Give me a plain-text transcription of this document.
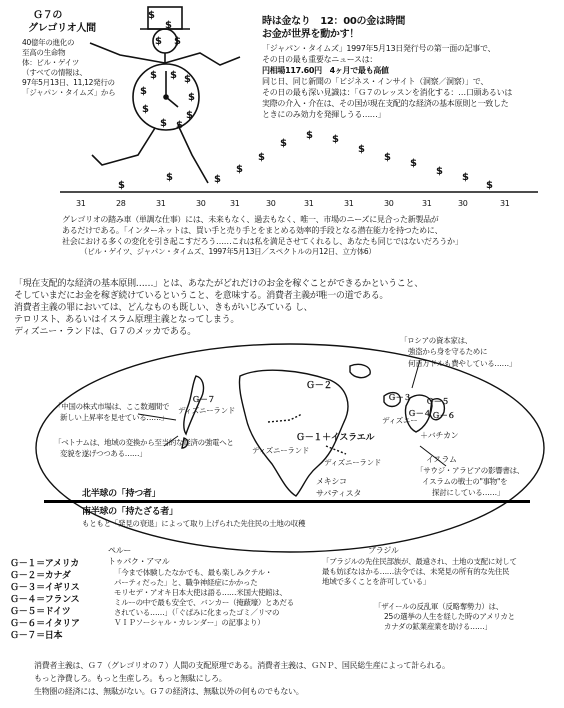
Ｇ７の
グレゴリオ人間
40億年の進化の
至高の生命物
体：ビル・ゲイツ
（すべての情報は、
97年5月13日、11,12発行の
「ジャパン・タイムズ」から
$
$
$ $
$ $ $
$
$
$
$
$ $
時は金なり　12：00の金は時間
お金が世界を動かす！
「ジャパン・タイムズ」1997年5月13日発行号の第一面の記事で、
その日の最も重要なニュースは：
円相場117.60円　4ヶ月で最も高値
同じ日、同じ新聞の「ビジネス・インサイト（洞察／洞察）」で、
その日の最も深い見識は：「Ｇ７のレッスンを消化する：…口頭あるいは
実際の介入・介在は、その国が現在支配的な経済の基本原則と一致した
ときにのみ効力を発揮しうる……」
$
$ $
$
$
$
$
$
$
$
$
$
$
$
31	28	31	30	31	30	31	31	30	31	30	31
グレゴリオの踏み車（単調な仕事）には、未来もなく、過去もなく、唯一、市場のニーズに見合った新製品が
あるだけである。「インターネットは、買い手と売り手とをまとめる効率的手段となる潜在能力を持つために、
社会における多くの変化を引き起こすだろう……これは私を満足させてくれるし、あなたも同じではないだろうか」
（ビル・ゲイツ、ジャパン・タイムズ、1997年5月13日／スペクトルの月12日、立方体6）
「現在支配的な経済の基本原則……」とは、あなたがどれだけのお金を稼ぐことができるかということ、
そしていまだにお金を稼ぎ続けているということ、を意味する。消費者主義が唯一の道である。
消費者主義の罪においては、どんなものも既しい、きもがいじみている し、
テロリスト、あるいはイスラム原理主義となってしまう。
ディズニー・ランドは、Ｇ７のメッカである。
「ロシアの資本家は、
強盗から身を守るために
何百万ドルも費やしている……」
「中国の株式市場は、ここ数週間で
新しい上昇率を見せている……」
「ベトナムは、地域の変換から至当的な経済の強電へと
変貌を遂げつつある……」
イスラム
「サウジ・アラビアの影響書は、
イスラムの戦士の"事物"を
探討にしている……」
Ｇ－２
Ｇ－７
ディズニーランド
Ｇ－１＋イスラエル
ディズニーランド
ディズニーランド
ディズニー
Ｇ－３ Ｇ－５
Ｇ－４ Ｇ－６
＋バチカン
メキシコ
サパティスタ
北半球の「持つ者」
南半球の「持たざる者」
もともと「発見の衰退」によって取り上げられた先住民の土地の収穫
Ｇ－１＝アメリカ
Ｇ－２＝カナダ
Ｇ－３＝イギリス
Ｇ－４＝フランス
Ｇ－５＝ドイツ
Ｇ－６＝イタリア
Ｇ－７＝日本
ペルー
トゥパク・アマル
「今まで体験したなかでも、最も楽しみクテル・
パーティだった」と、職争神経症にかかった
モリセデ・アオキ日本大使は語る……米国大使館は、
ミルーの中で最も安全で、バンカー（掩蔽壕）とあだる
されている……」（「ぐぱみに化まったゴミ／リマの
ＶＩＰソーシャル・カレンダー」の記事より）
ブラジル
「ブラジルの先住民部族が、最遠され、土地の支配に対して
最も妨ぼなはかる……法令では、未発見の所有的な先住民
地域で多くことを許可している」
「ザイールの反乱軍（反略奪勢力）は、
25の選挙の人生を経した時のアメリカと
カナダの鉱業産業を助ける……」
消費者主義は、Ｇ７（グレゴリオの７）人間の支配原理である。消費者主義は、ＧＮＰ、国民総生産によって計られる。
もっと浄費しろ。もっと生産しろ。もっと無駄にしろ。
生物圏の経済には、無駄がない。Ｇ７の経済は、無駄以外の何ものでもない。
